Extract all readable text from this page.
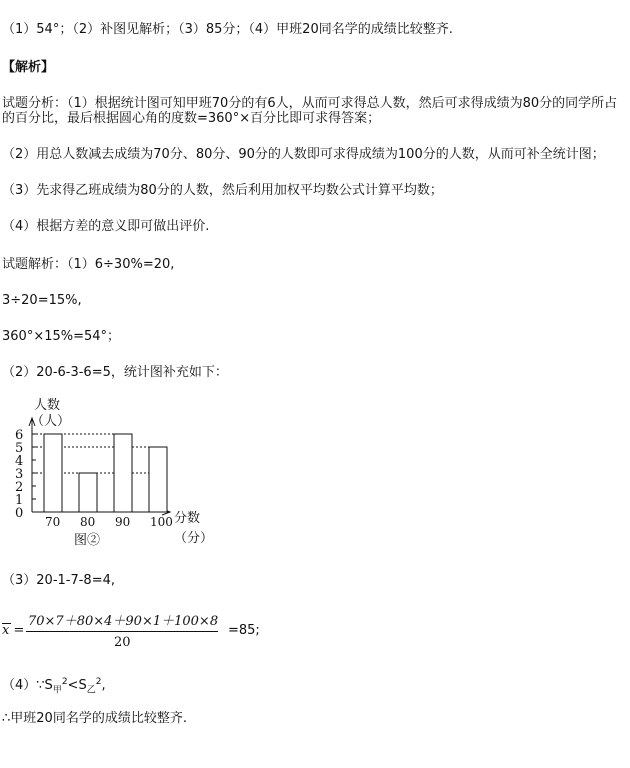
（1）54°；（2）补图见解析；（3）85分；（4）甲班20同名学的成绩比较整齐.
【解析】
试题分析：（1）根据统计图可知甲班70分的有6人，从而可求得总人数，然后可求得成绩为80分的同学所占的百分比，最后根据圆心角的度数=360°×百分比即可求得答案；
（2）用总人数减去成绩为70分、80分、90分的人数即可求得成绩为100分的人数，从而可补全统计图；
（3）先求得乙班成绩为80分的人数，然后利用加权平均数公式计算平均数；
（4）根据方差的意义即可做出评价.
试题解析：（1）6÷30%=20,
3÷20=15%,
360°×15%=54°；
（2）20-6-3-6=5，统计图补充如下：
0
1
2
3
4
5
6
70 80 90 100
人数
（人）
分数
（分）
图②
（3）20-1-7-8=4,
x =
70×7＋80×4＋90×1＋100×8
20
=85;
$(4)\because S_甲^2<S_乙^2$,
∴甲班20同名学的成绩比较整齐.
